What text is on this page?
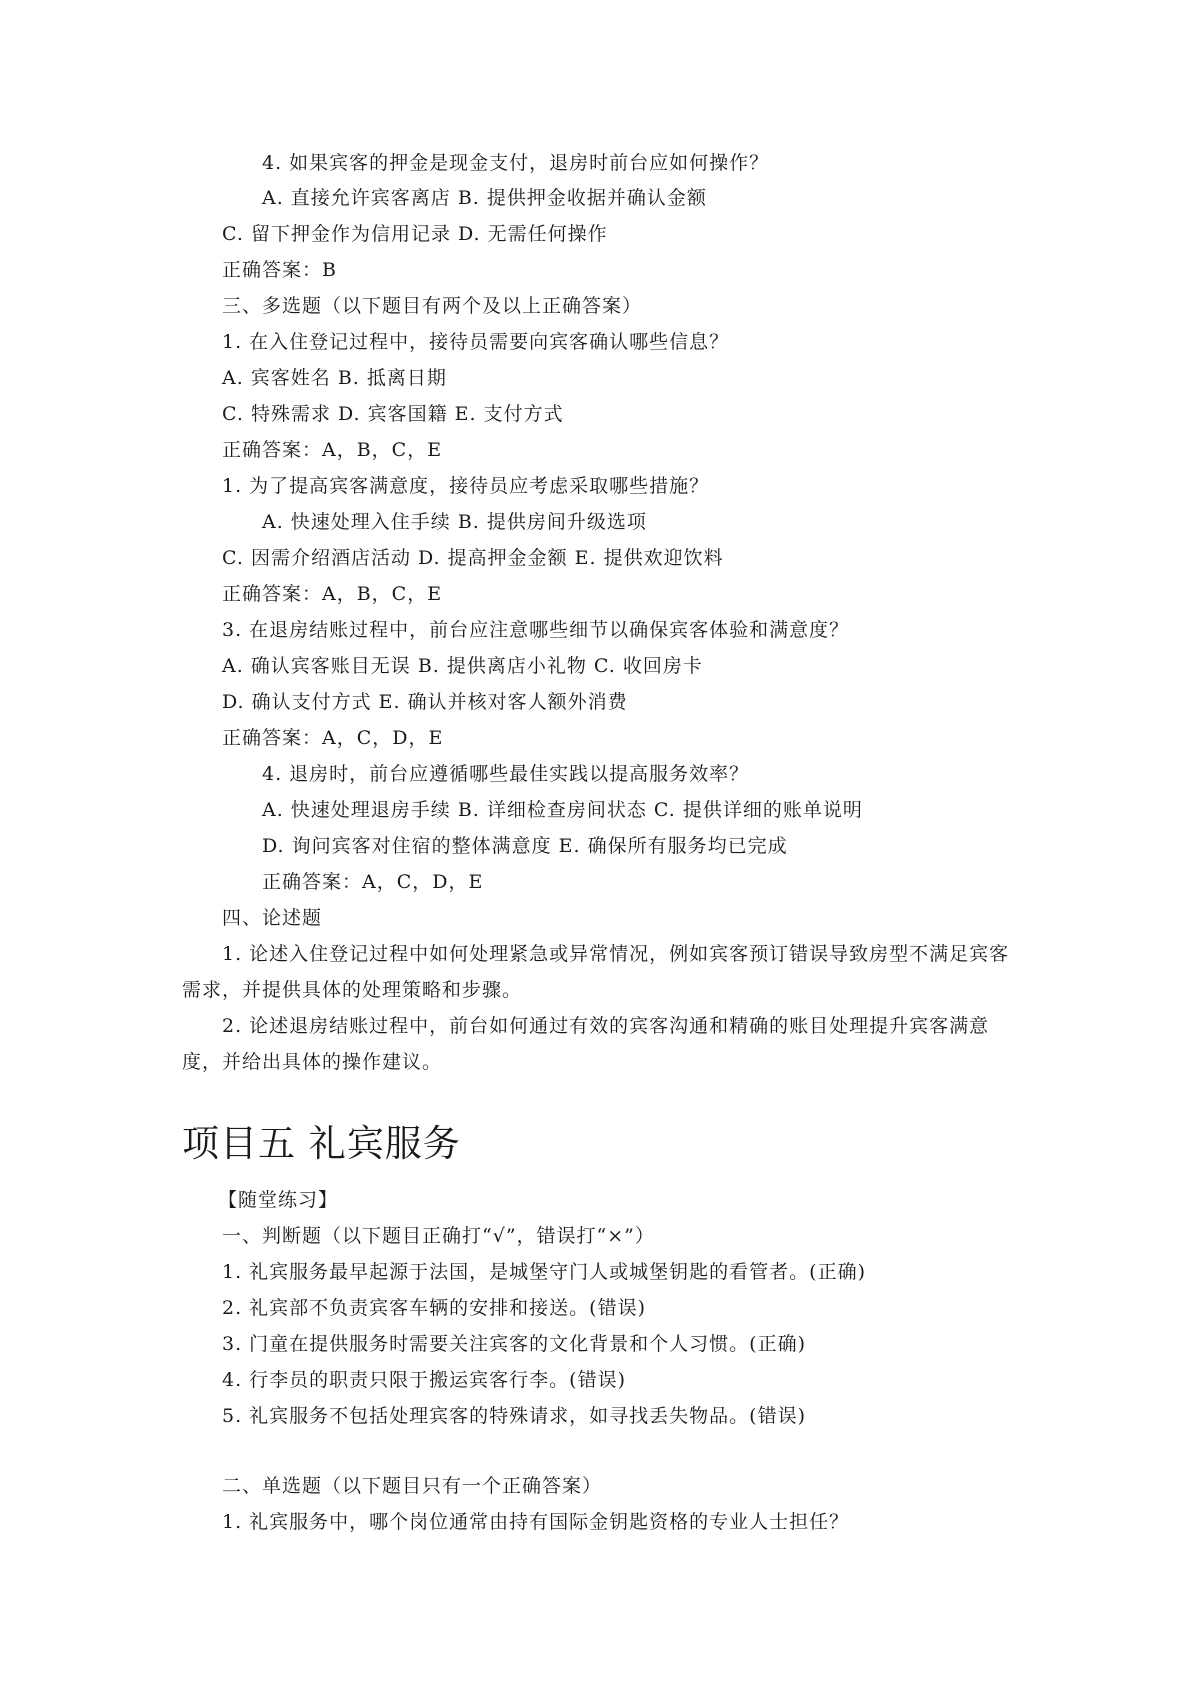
4. 如果宾客的押金是现金支付，退房时前台应如何操作？
A. 直接允许宾客离店 B. 提供押金收据并确认金额
C. 留下押金作为信用记录 D. 无需任何操作
正确答案：B
三、多选题（以下题目有两个及以上正确答案）
1. 在入住登记过程中，接待员需要向宾客确认哪些信息？
A. 宾客姓名 B. 抵离日期
C. 特殊需求 D. 宾客国籍 E. 支付方式
正确答案：A，B，C，E
1. 为了提高宾客满意度，接待员应考虑采取哪些措施？
A. 快速处理入住手续 B. 提供房间升级选项
C. 因需介绍酒店活动 D. 提高押金金额 E. 提供欢迎饮料
正确答案：A，B，C，E
3. 在退房结账过程中，前台应注意哪些细节以确保宾客体验和满意度？
A. 确认宾客账目无误 B. 提供离店小礼物 C. 收回房卡
D. 确认支付方式 E. 确认并核对客人额外消费
正确答案：A，C，D，E
4. 退房时，前台应遵循哪些最佳实践以提高服务效率？
A. 快速处理退房手续 B. 详细检查房间状态 C. 提供详细的账单说明
D. 询问宾客对住宿的整体满意度 E. 确保所有服务均已完成
正确答案：A，C，D，E
四、论述题
1. 论述入住登记过程中如何处理紧急或异常情况，例如宾客预订错误导致房型不满足宾客需求，并提供具体的处理策略和步骤。
2. 论述退房结账过程中，前台如何通过有效的宾客沟通和精确的账目处理提升宾客满意度，并给出具体的操作建议。
项目五 礼宾服务
【随堂练习】
一、判断题（以下题目正确打“√”，错误打“×”）
1. 礼宾服务最早起源于法国，是城堡守门人或城堡钥匙的看管者。(正确)
2. 礼宾部不负责宾客车辆的安排和接送。(错误)
3. 门童在提供服务时需要关注宾客的文化背景和个人习惯。(正确)
4. 行李员的职责只限于搬运宾客行李。(错误)
5. 礼宾服务不包括处理宾客的特殊请求，如寻找丢失物品。(错误)
二、单选题（以下题目只有一个正确答案）
1. 礼宾服务中，哪个岗位通常由持有国际金钥匙资格的专业人士担任？
